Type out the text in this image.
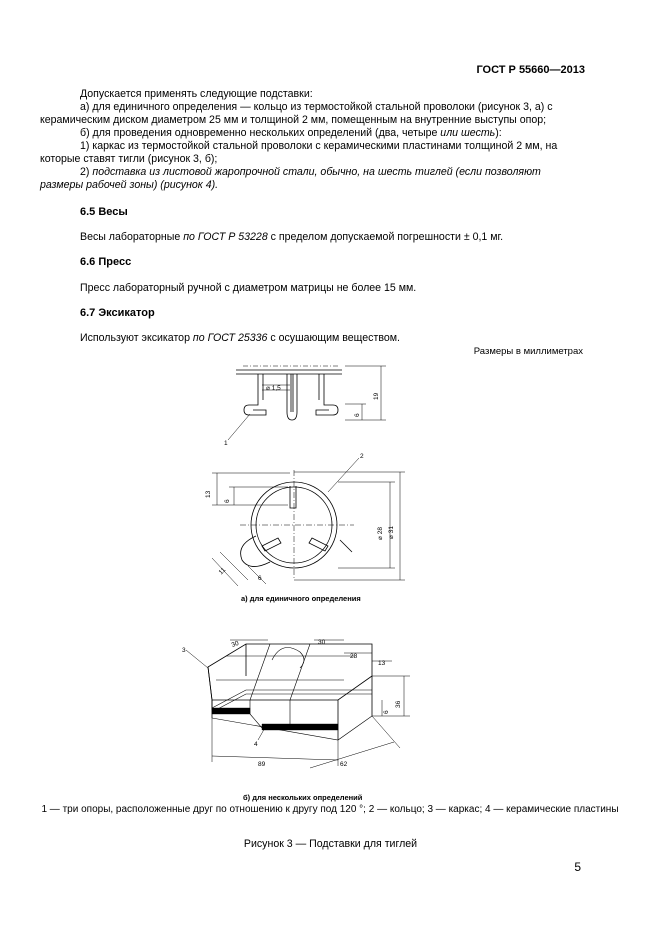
ГОСТ Р 55660—2013

Допускается применять следующие подставки:

а) для единичного определения — кольцо из термостойкой стальной проволоки (рисунок 3, а) с

керамическим диском диаметром 25 мм и толщиной 2 мм, помещенным на внутренние выступы опор;

б) для проведения одновременно нескольких определений (два, четыре или шесть):

1) каркас из термостойкой стальной проволоки с керамическими пластинами толщиной 2 мм, на

которые ставят тигли (рисунок 3, б);

2) подставка из листовой жаропрочной стали, обычно, на шесть тиглей (если позволяют

размеры рабочей зоны) (рисунок 4).

6.5 Весы
Весы лабораторные по ГОСТ Р 53228 с пределом допускаемой погрешности ± 0,1 мг.
6.6 Пресс
Пресс лабораторный ручной с диаметром матрицы не более 15 мм.
6.7 Эксикатор
Используют эксикатор по ГОСТ 25336 с осушающим веществом.
Размеры в миллиметрах
⌀ 1,5
19
6
1
13
6
⌀ 28 ⌀ 31
11
6
2
30	30
28
13
6
36
89	62
3
4
а) для единичного определения
б) для нескольких определений
1 — три опоры, расположенные друг по отношению к другу под 120 °; 2 — кольцо; 3 — каркас; 4 — керамические пластины
Рисунок 3 — Подставки для тиглей
5
